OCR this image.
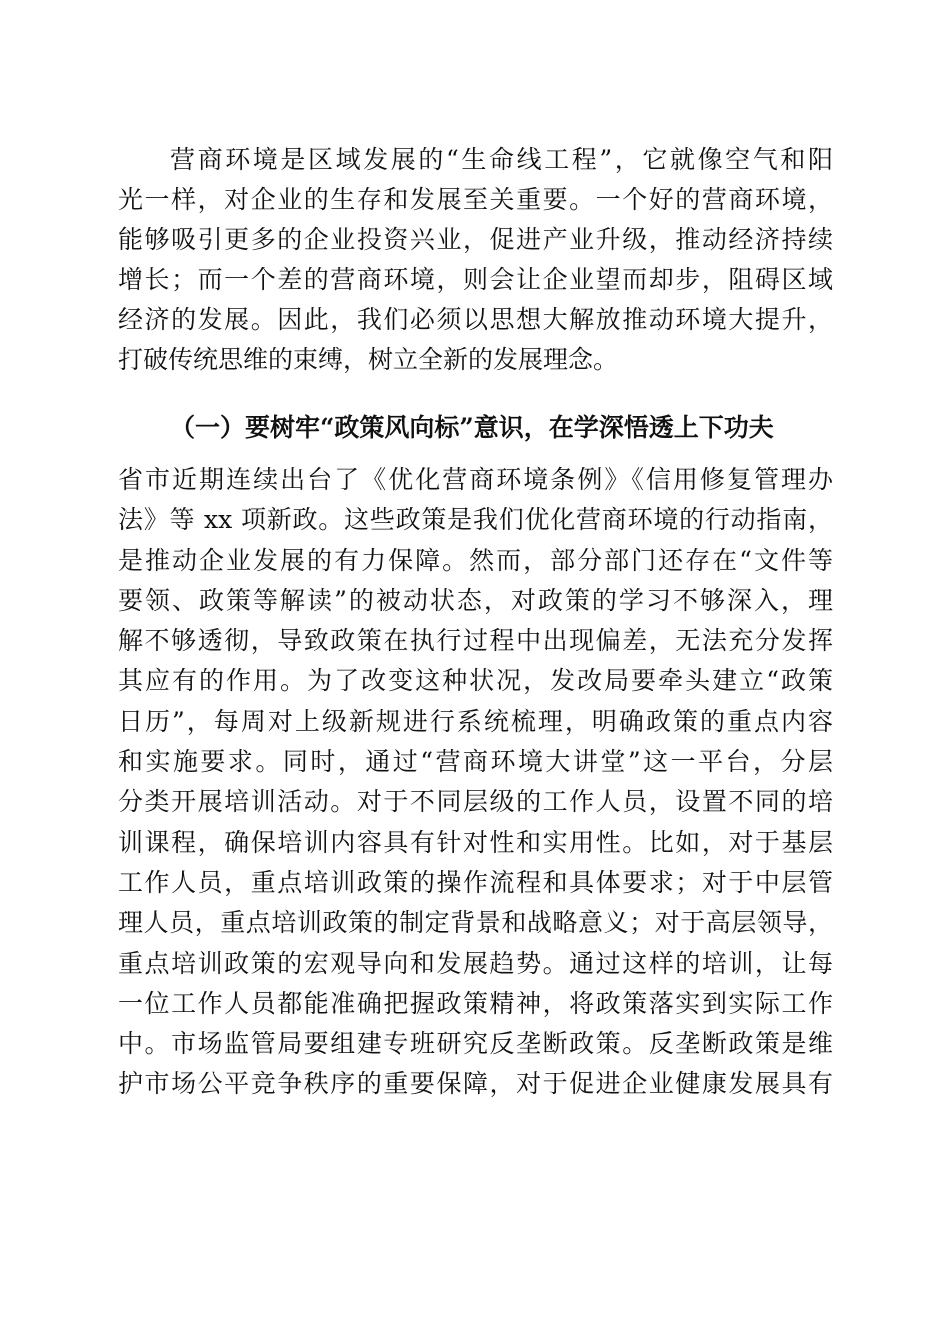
营商环境是区域发展的“生命线工程”，它就像空气和阳
光一样，对企业的生存和发展至关重要。一个好的营商环境，
能够吸引更多的企业投资兴业，促进产业升级，推动经济持续
增长；而一个差的营商环境，则会让企业望而却步，阻碍区域
经济的发展。因此，我们必须以思想大解放推动环境大提升，
打破传统思维的束缚，树立全新的发展理念。
（一）要树牢“政策风向标”意识，在学深悟透上下功夫
省市近期连续出台了《优化营商环境条例》《信用修复管理办
法》等 xx 项新政。这些政策是我们优化营商环境的行动指南，
是推动企业发展的有力保障。然而，部分部门还存在“文件等
要领、政策等解读”的被动状态，对政策的学习不够深入，理
解不够透彻，导致政策在执行过程中出现偏差，无法充分发挥
其应有的作用。为了改变这种状况，发改局要牵头建立“政策
日历”，每周对上级新规进行系统梳理，明确政策的重点内容
和实施要求。同时，通过“营商环境大讲堂”这一平台，分层
分类开展培训活动。对于不同层级的工作人员，设置不同的培
训课程，确保培训内容具有针对性和实用性。比如，对于基层
工作人员，重点培训政策的操作流程和具体要求；对于中层管
理人员，重点培训政策的制定背景和战略意义；对于高层领导，
重点培训政策的宏观导向和发展趋势。通过这样的培训，让每
一位工作人员都能准确把握政策精神，将政策落实到实际工作
中。市场监管局要组建专班研究反垄断政策。反垄断政策是维
护市场公平竞争秩序的重要保障，对于促进企业健康发展具有
